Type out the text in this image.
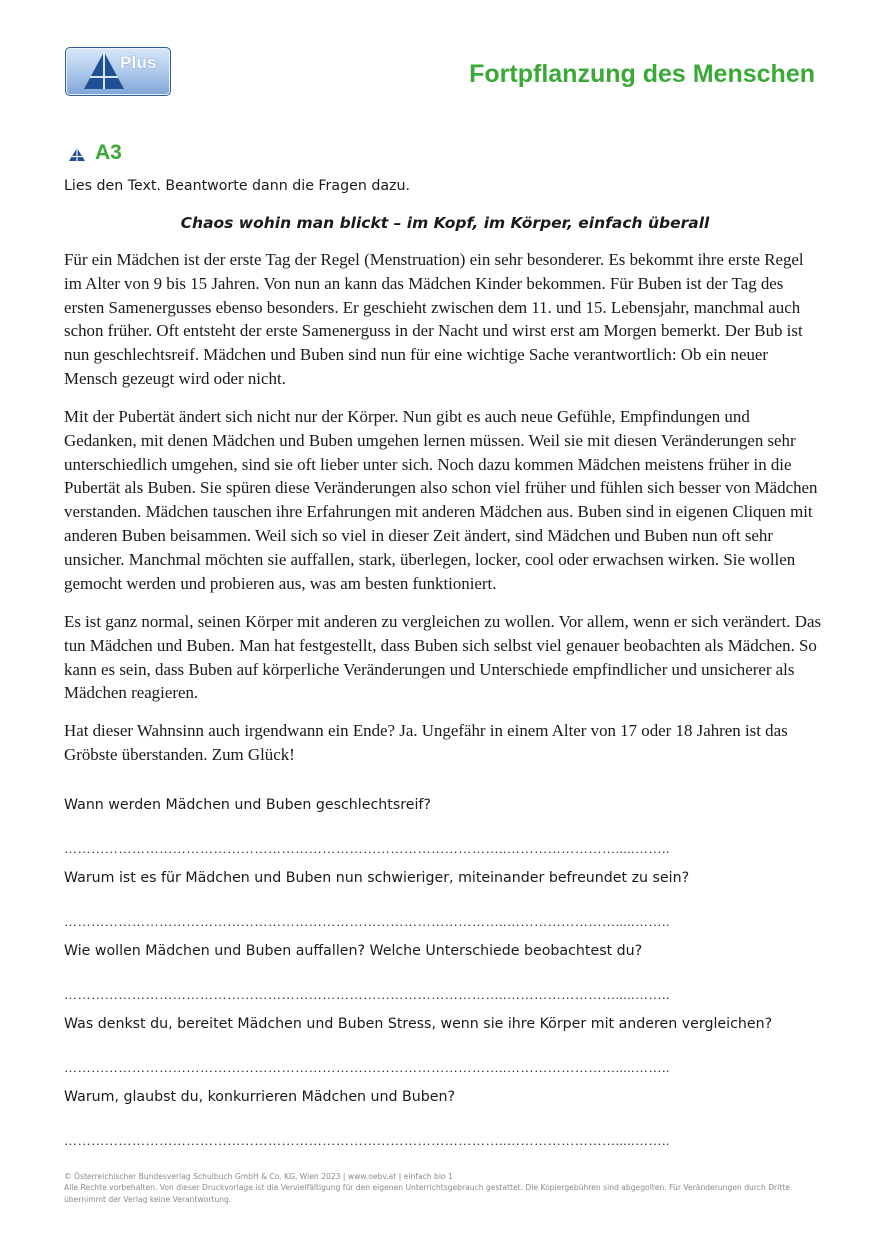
Plus	Fortpflanzung des Menschen
A3
Lies den Text. Beantworte dann die Fragen dazu.
Chaos wohin man blickt – im Kopf, im Körper, einfach überall

Für ein Mädchen ist der erste Tag der Regel (Menstruation) ein sehr besonderer. Es bekommt ihre erste Regel im Alter von 9 bis 15 Jahren. Von nun an kann das Mädchen Kinder bekommen. Für Buben ist der Tag des ersten Samenergusses ebenso besonders. Er geschieht zwischen dem 11. und 15. Lebensjahr, manchmal auch schon früher. Oft entsteht der erste Samenerguss in der Nacht und wirst erst am Morgen bemerkt. Der Bub ist nun geschlechtsreif. Mädchen und Buben sind nun für eine wichtige Sache verantwortlich: Ob ein neuer Mensch gezeugt wird oder nicht.

Mit der Pubertät ändert sich nicht nur der Körper. Nun gibt es auch neue Gefühle, Empfindungen und Gedanken, mit denen Mädchen und Buben umgehen lernen müssen. Weil sie mit diesen Veränderungen sehr unterschiedlich umgehen, sind sie oft lieber unter sich. Noch dazu kommen Mädchen meistens früher in die Pubertät als Buben. Sie spüren diese Veränderungen also schon viel früher und fühlen sich besser von Mädchen verstanden. Mädchen tauschen ihre Erfahrungen mit anderen Mädchen aus. Buben sind in eigenen Cliquen mit anderen Buben beisammen. Weil sich so viel in dieser Zeit ändert, sind Mädchen und Buben nun oft sehr unsicher. Manchmal möchten sie auffallen, stark, überlegen, locker, cool oder erwachsen wirken. Sie wollen gemocht werden und probieren aus, was am besten funktioniert.

Es ist ganz normal, seinen Körper mit anderen zu vergleichen zu wollen. Vor allem, wenn er sich verändert. Das tun Mädchen und Buben. Man hat festgestellt, dass Buben sich selbst viel genauer beobachten als Mädchen. So kann es sein, dass Buben auf körperliche Veränderungen und Unterschiede empfindlicher und unsicherer als Mädchen reagieren.

Hat dieser Wahnsinn auch irgendwann ein Ende? Ja. Ungefähr in einem Alter von 17 oder 18 Jahren ist das Gröbste überstanden. Zum Glück!

Wann werden Mädchen und Buben geschlechtsreif?
……………………………………………………………………………………..…………………….....……..
Warum ist es für Mädchen und Buben nun schwieriger, miteinander befreundet zu sein?
……………………………………………………………………………………..…………………….....……..
Wie wollen Mädchen und Buben auffallen? Welche Unterschiede beobachtest du?
……………………………………………………………………………………..…………………….....……..
Was denkst du, bereitet Mädchen und Buben Stress, wenn sie ihre Körper mit anderen vergleichen?
……………………………………………………………………………………..…………………….....……..
Warum, glaubst du, konkurrieren Mädchen und Buben?
……………………………………………………………………………………..…………………….....……..
© Österreichischer Bundesverlag Schulbuch GmbH & Co. KG, Wien 2023 | www.oebv.at | einfach bio 1
Alle Rechte vorbehalten. Von dieser Druckvorlage ist die Vervielfältigung für den eigenen Unterrichtsgebrauch gestattet. Die Kopiergebühren sind abgegolten. Für Veränderungen durch Dritte übernimmt der Verlag keine Verantwortung.
